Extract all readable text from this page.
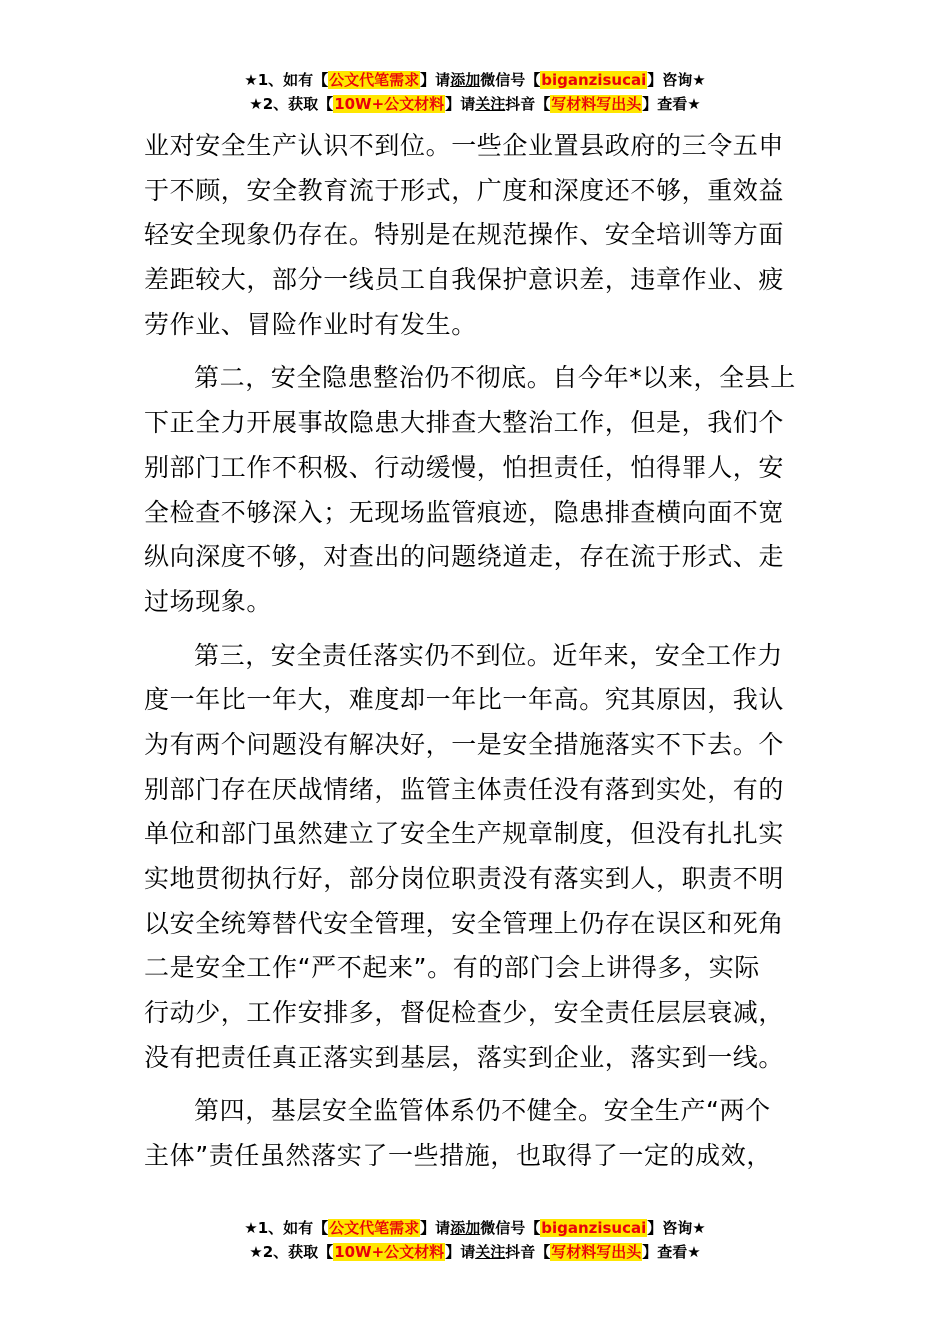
★1、如有【公文代笔需求】请添加微信号【biganzisucai】咨询★
★2、获取【10W+公文材料】请关注抖音【写材料写出头】查看★
业对安全生产认识不到位。一些企业置县政府的三令五申
于不顾，安全教育流于形式，广度和深度还不够，重效益
轻安全现象仍存在。特别是在规范操作、安全培训等方面
差距较大，部分一线员工自我保护意识差，违章作业、疲
劳作业、冒险作业时有发生。
第二，安全隐患整治仍不彻底。自今年*以来，全县上
下正全力开展事故隐患大排查大整治工作，但是，我们个
别部门工作不积极、行动缓慢，怕担责任，怕得罪人，安
全检查不够深入；无现场监管痕迹，隐患排查横向面不宽
纵向深度不够，对查出的问题绕道走，存在流于形式、走
过场现象。
第三，安全责任落实仍不到位。近年来，安全工作力
度一年比一年大，难度却一年比一年高。究其原因，我认
为有两个问题没有解决好，一是安全措施落实不下去。个
别部门存在厌战情绪，监管主体责任没有落到实处，有的
单位和部门虽然建立了安全生产规章制度，但没有扎扎实
实地贯彻执行好，部分岗位职责没有落实到人，职责不明
以安全统筹替代安全管理，安全管理上仍存在误区和死角
二是安全工作“严不起来”。有的部门会上讲得多，实际
行动少，工作安排多，督促检查少，安全责任层层衰减，
没有把责任真正落实到基层，落实到企业，落实到一线。
第四，基层安全监管体系仍不健全。安全生产“两个
主体”责任虽然落实了一些措施，也取得了一定的成效，
★1、如有【公文代笔需求】请添加微信号【biganzisucai】咨询★
★2、获取【10W+公文材料】请关注抖音【写材料写出头】查看★
